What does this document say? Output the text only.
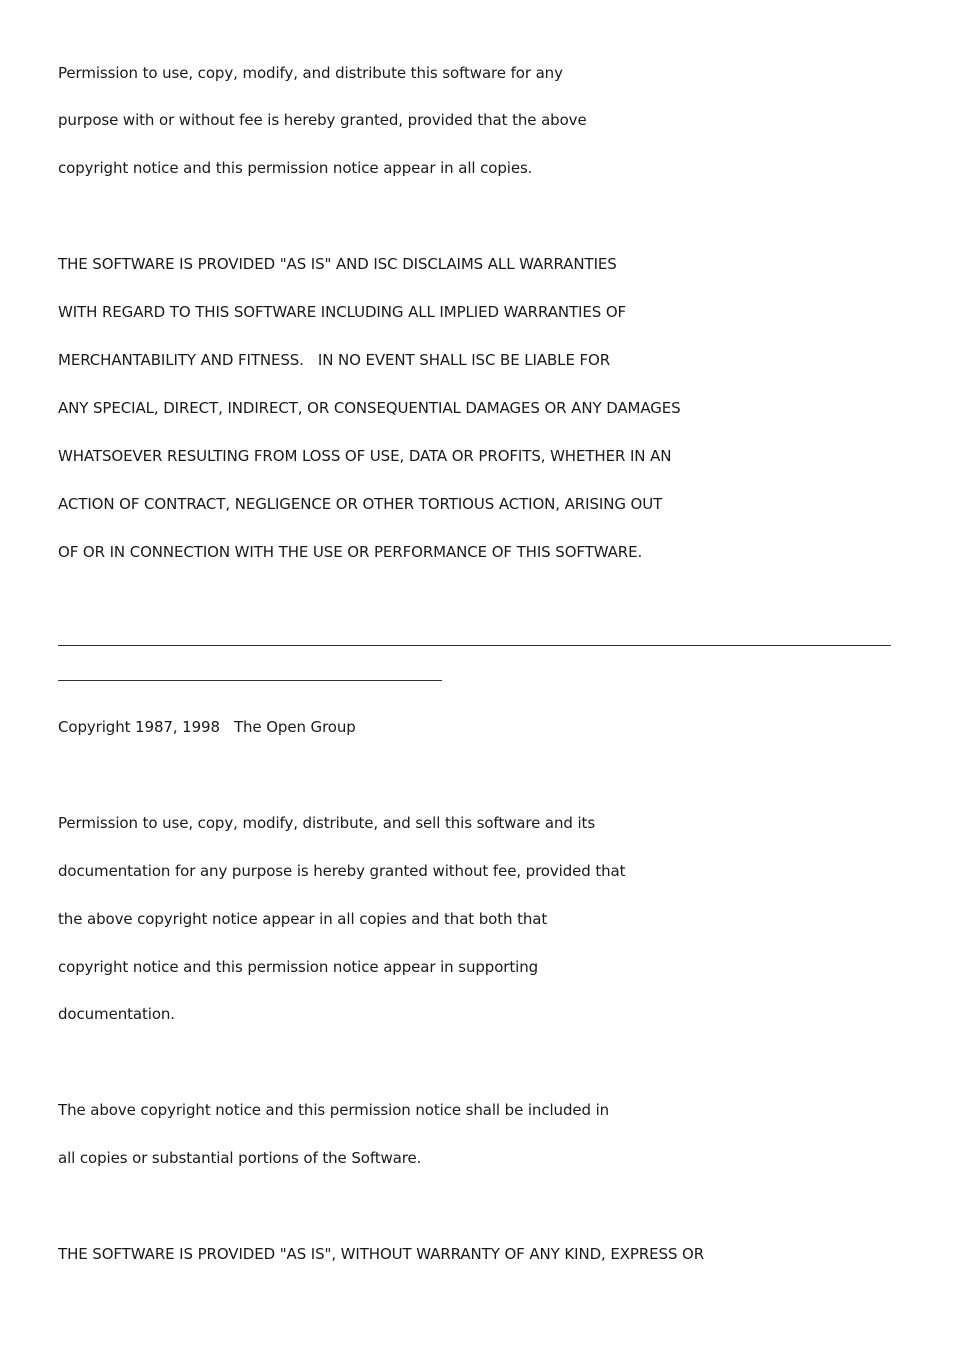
Permission to use, copy, modify, and distribute this software for any
purpose with or without fee is hereby granted, provided that the above
copyright notice and this permission notice appear in all copies.
THE SOFTWARE IS PROVIDED "AS IS" AND ISC DISCLAIMS ALL WARRANTIES
WITH REGARD TO THIS SOFTWARE INCLUDING ALL IMPLIED WARRANTIES OF
MERCHANTABILITY AND FITNESS.   IN NO EVENT SHALL ISC BE LIABLE FOR
ANY SPECIAL, DIRECT, INDIRECT, OR CONSEQUENTIAL DAMAGES OR ANY DAMAGES
WHATSOEVER RESULTING FROM LOSS OF USE, DATA OR PROFITS, WHETHER IN AN
ACTION OF CONTRACT, NEGLIGENCE OR OTHER TORTIOUS ACTION, ARISING OUT
OF OR IN CONNECTION WITH THE USE OR PERFORMANCE OF THIS SOFTWARE.
Copyright 1987, 1998   The Open Group
Permission to use, copy, modify, distribute, and sell this software and its
documentation for any purpose is hereby granted without fee, provided that
the above copyright notice appear in all copies and that both that
copyright notice and this permission notice appear in supporting
documentation.
The above copyright notice and this permission notice shall be included in
all copies or substantial portions of the Software.
THE SOFTWARE IS PROVIDED "AS IS", WITHOUT WARRANTY OF ANY KIND, EXPRESS OR
